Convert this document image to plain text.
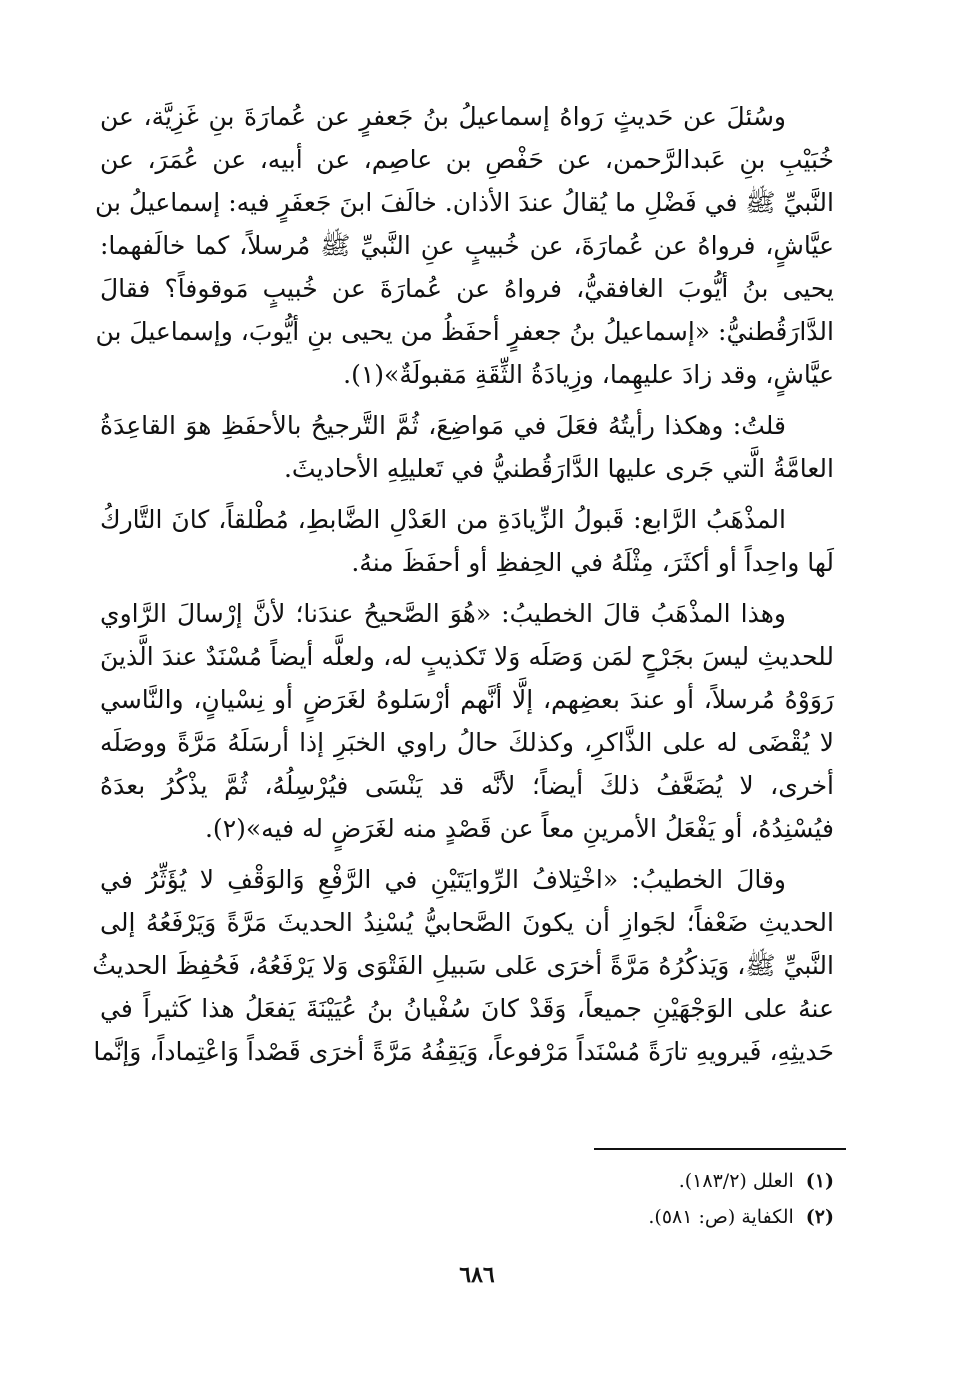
وسُئلَ عن حَديثٍ رَواهُ إسماعيلُ بنُ جَعفرٍ عن عُمارَةَ بنِ غَزِيَّة، عن
خُبَيْبِ بنِ عَبدالرَّحمن، عن حَفْصِ بن عاصِم، عن أبيه، عن عُمَرَ، عن
النَّبيِّ ﷺ في فَضْلِ ما يُقالُ عندَ الأذان. خالَفَ ابنَ جَعفَرٍ فيه: إسماعيلُ بن
عيَّاشٍ، فرواهُ عن عُمارَةَ، عن خُبيبٍ عنِ النَّبيِّ ﷺ مُرسلاً، كما خالَفهما:
يحيى بنُ أيُّوبَ الغافقيُّ، فرواهُ عن عُمارَةَ عن خُبيبٍ مَوقوفاً؟ فقالَ
الدَّارَقُطنيُّ: «إسماعيلُ بنُ جعفرٍ أحفَظُ من يحيى بنِ أيُّوبَ، وإسماعيلَ بن
عيَّاشٍ، وقد زادَ عليهِما، وزِيادَةُ الثِّقَةِ مَقبولَةٌ»(١).
قلتُ: وهكذا رأيتُهُ فعَلَ في مَواضِعَ، ثُمَّ التَّرجيحُ بالأحفَظِ هوَ القاعِدَةُ
العامَّةُ الَّتي جَرى عليها الدَّارَقُطنيُّ في تَعليلِهِ الأحاديثَ.
المذْهَبُ الرَّابع: قَبولُ الزِّيادَةِ من العَدْلِ الضَّابطِ، مُطْلقاً، كانَ التَّاركُ
لَها واحِداً أو أكثَرَ، مِثْلَهُ في الحِفظِ أو أحفَظَ منهُ.
وهذا المذْهَبُ قالَ الخطيبُ: «هُوَ الصَّحيحُ عندَنا؛ لأنَّ إرْسالَ الرَّاوي
للحديثِ ليسَ بجَرْحٍ لمَن وَصَلَه وَلا تَكذيبٍ له، ولعلَّه أيضاً مُسْنَدٌ عندَ الَّذينَ
رَوَوْهُ مُرسلاً، أو عندَ بعضِهم، إلَّا أنَّهم أرْسَلوهُ لغَرَضٍ أو نِسْيانٍ، والنَّاسي
لا يُقْضَى له على الذَّاكرِ، وكذلكَ حالُ راوي الخبَرِ إذا أرسَلَهُ مَرَّةً ووصَلَه
أخرى، لا يُضَعَّفُ ذلكَ أيضاً؛ لأنَّه قد يَنْسَى فيُرْسِلُهُ، ثُمَّ يذْكُرُ بعدَهُ
فيُسْنِدُهُ، أو يَفْعَلُ الأمرينِ معاً عن قَصْدٍ منه لغَرَضٍ له فيه»(٢).
وقالَ الخطيبُ: «اخْتِلافُ الرِّوايَتَيْنِ في الرَّفْعِ وَالوَقْفِ لا يُؤَثِّرُ في
الحديثِ ضَعْفاً؛ لجَوازِ أن يكونَ الصَّحابيُّ يُسْنِدُ الحديثَ مَرَّةً وَيَرْفَعُهُ إلى
النَّبيِّ ﷺ، وَيَذكُرُهُ مَرَّةً أخرَى عَلى سَبيلِ الفَتْوَى وَلا يَرْفَعُهُ، فَحُفِظَ الحديثُ
عنهُ على الوَجْهَيْنِ جميعاً، وَقَدْ كانَ سُفْيانُ بنُ عُيَيْنَةَ يَفعَلُ هذا كَثيراً في
حَديثِهِ، فَيرويهِ تارَةً مُسْنَداً مَرْفوعاً، وَيَقِفُهُ مَرَّةً أخرَى قَصْداً وَاعْتِماداً، وَإنَّما

(١)العلل (١٨٣/٢).

(٢)الكفاية (ص: ٥٨١).

٦٨٦
